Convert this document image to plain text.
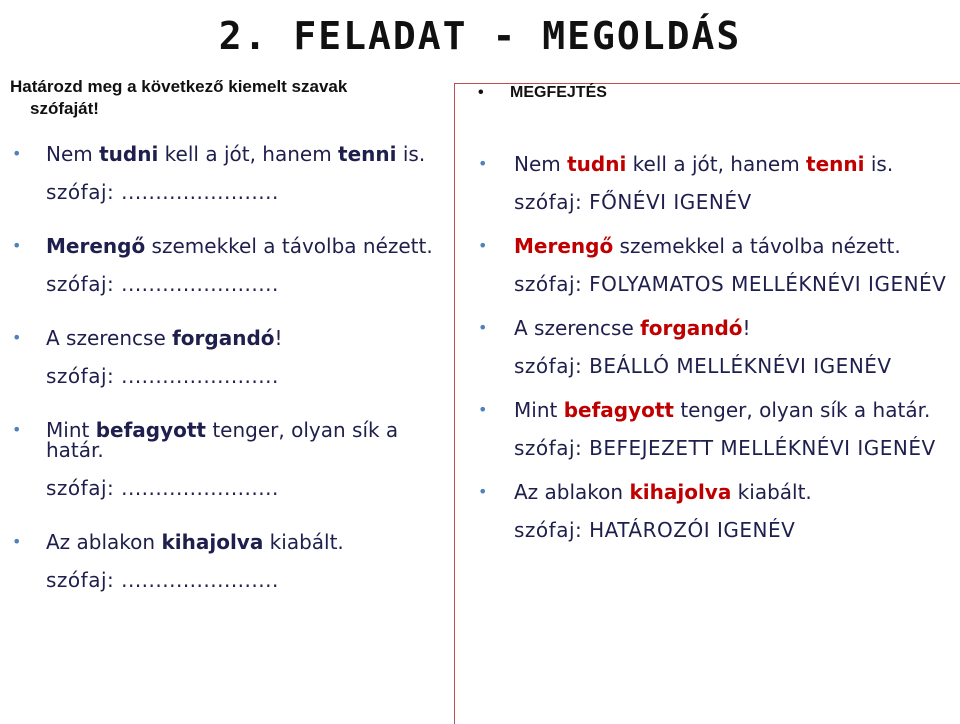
2. FELADAT - MEGOLDÁS
Határozd meg a következő kiemelt szavak
szófaját!
• Nem tudni kell a jót, hanem tenni is.
szófaj: .......................
• Merengő szemekkel a távolba nézett.
szófaj: .......................
• A szerencse forgandó!
szófaj: .......................
• Mint befagyott tenger, olyan sík a határ.
szófaj: .......................
• Az ablakon kihajolva kiabált.
szófaj: .......................
• MEGFEJTÉS
• Nem tudni kell a jót, hanem tenni is.
szófaj: FŐNÉVI IGENÉV
• Merengő szemekkel a távolba nézett.
szófaj: FOLYAMATOS MELLÉKNÉVI IGENÉV
• A szerencse forgandó!
szófaj: BEÁLLÓ MELLÉKNÉVI IGENÉV
• Mint befagyott tenger, olyan sík a határ.
szófaj: BEFEJEZETT MELLÉKNÉVI IGENÉV
• Az ablakon kihajolva kiabált.
szófaj: HATÁROZÓI IGENÉV
